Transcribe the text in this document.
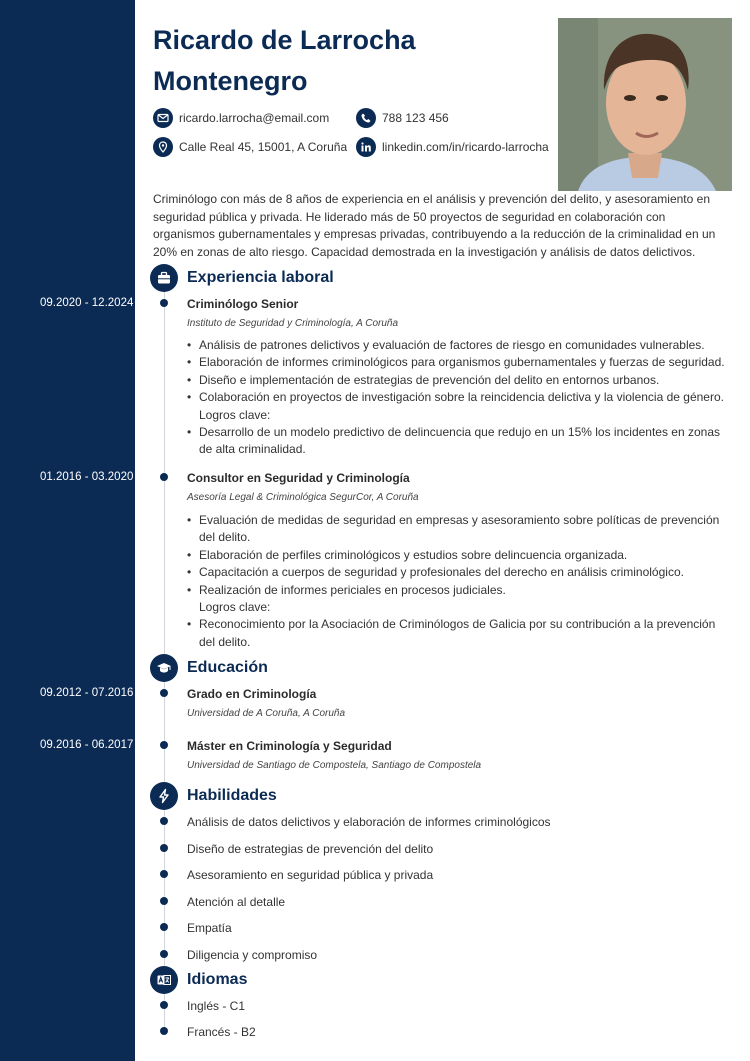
Ricardo de Larrocha Montenegro
ricardo.larrocha@email.com	788 123 456
Calle Real 45, 15001, A Coruña	linkedin.com/in/ricardo-larrocha
Criminólogo con más de 8 años de experiencia en el análisis y prevención del delito, y asesoramiento en seguridad pública y privada. He liderado más de 50 proyectos de seguridad en colaboración con organismos gubernamentales y empresas privadas, contribuyendo a la reducción de la criminalidad en un 20% en zonas de alto riesgo. Capacidad demostrada en la investigación y análisis de datos delictivos.
Experiencia laboral
09.2020 - 12.2024	Criminólogo Senior
Instituto de Seguridad y Criminología, A Coruña
• Análisis de patrones delictivos y evaluación de factores de riesgo en comunidades vulnerables.
• Elaboración de informes criminológicos para organismos gubernamentales y fuerzas de seguridad.
• Diseño e implementación de estrategias de prevención del delito en entornos urbanos.
• Colaboración en proyectos de investigación sobre la reincidencia delictiva y la violencia de género.
Logros clave:
• Desarrollo de un modelo predictivo de delincuencia que redujo en un 15% los incidentes en zonas de alta criminalidad.
01.2016 - 03.2020	Consultor en Seguridad y Criminología
Asesoría Legal & Criminológica SegurCor, A Coruña
• Evaluación de medidas de seguridad en empresas y asesoramiento sobre políticas de prevención del delito.
• Elaboración de perfiles criminológicos y estudios sobre delincuencia organizada.
• Capacitación a cuerpos de seguridad y profesionales del derecho en análisis criminológico.
• Realización de informes periciales en procesos judiciales.
Logros clave:
• Reconocimiento por la Asociación de Criminólogos de Galicia por su contribución a la prevención del delito.
Educación
09.2012 - 07.2016	Grado en Criminología
Universidad de A Coruña, A Coruña
09.2016 - 06.2017	Máster en Criminología y Seguridad
Universidad de Santiago de Compostela, Santiago de Compostela
Habilidades
Análisis de datos delictivos y elaboración de informes criminológicos
Diseño de estrategias de prevención del delito
Asesoramiento en seguridad pública y privada
Atención al detalle
Empatía
Diligencia y compromiso
Idiomas
Inglés - C1
Francés - B2
